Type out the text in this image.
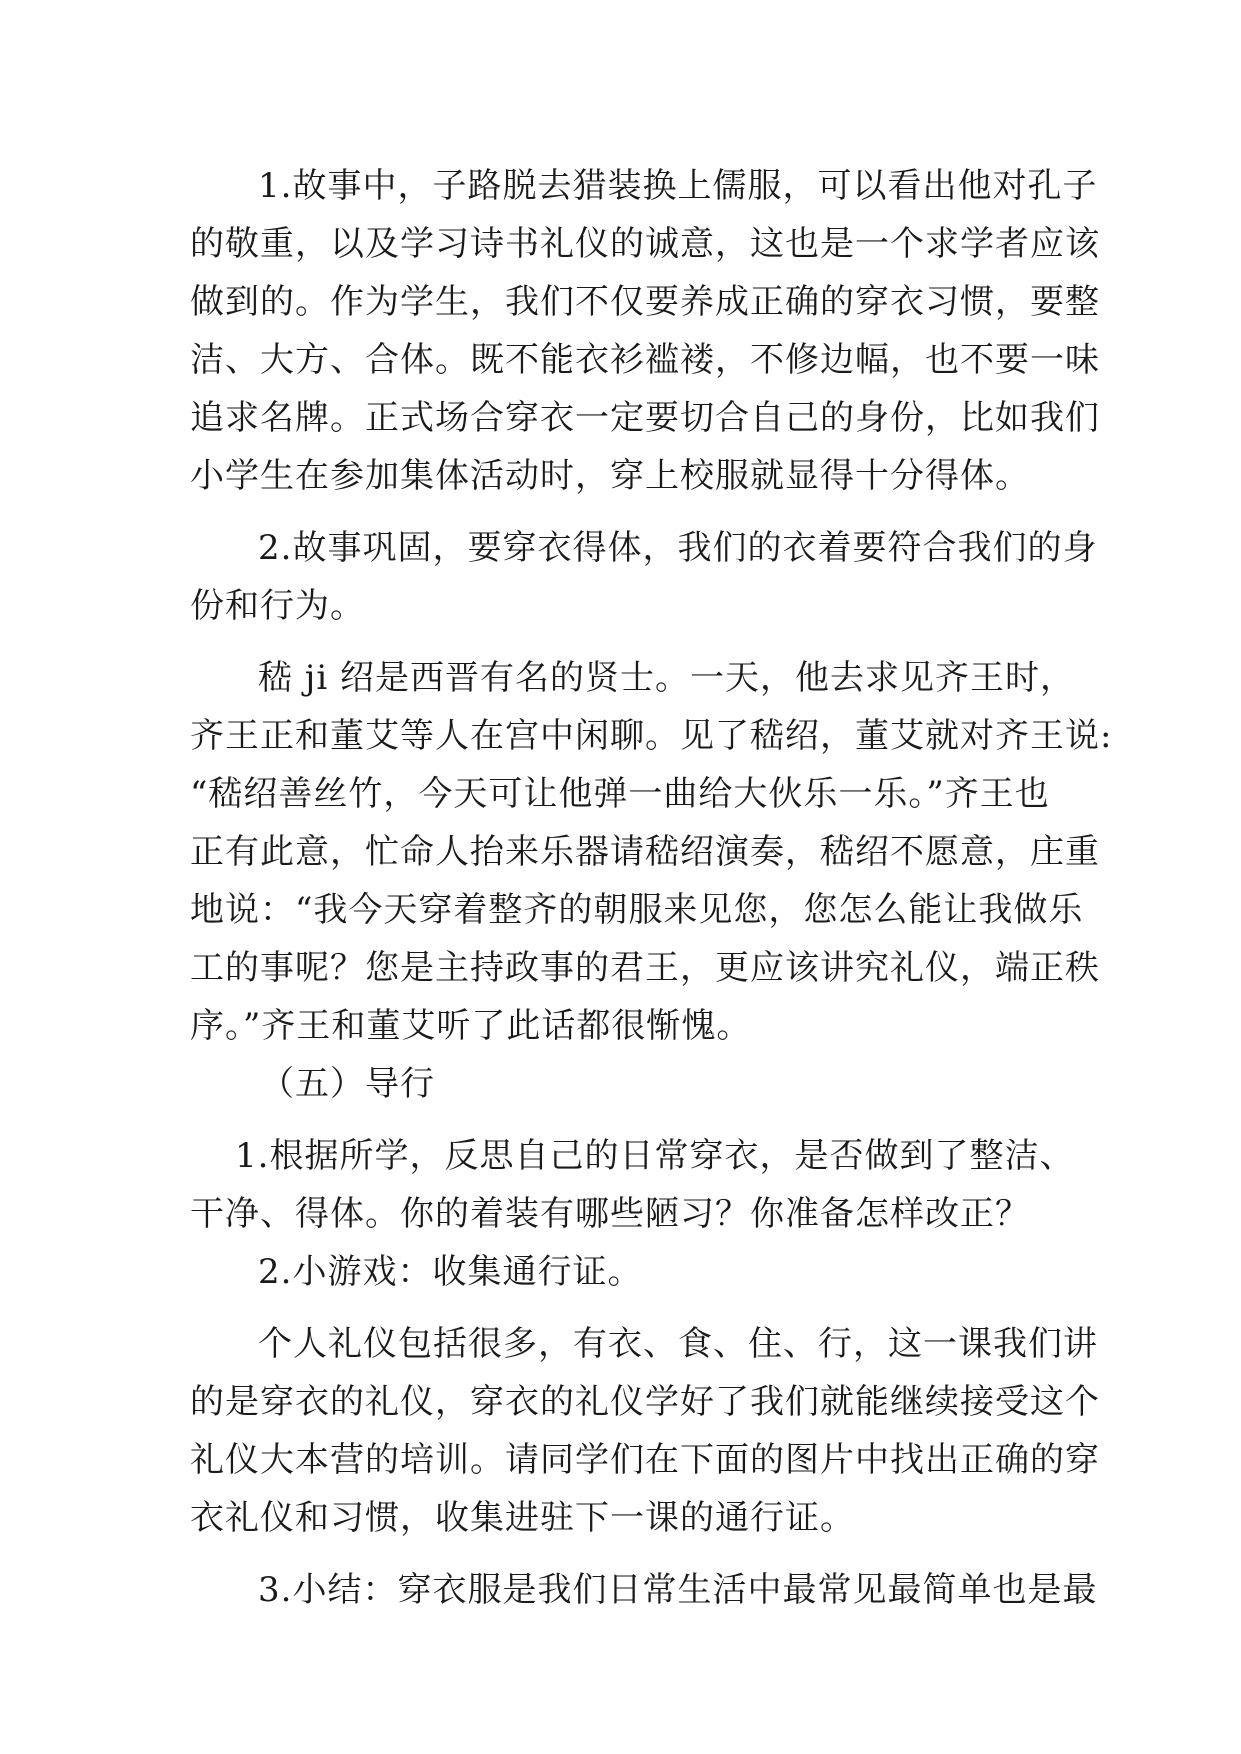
1.故事中，子路脱去猎装换上儒服，可以看出他对孔子
的敬重，以及学习诗书礼仪的诚意，这也是一个求学者应该
做到的。作为学生，我们不仅要养成正确的穿衣习惯，要整
洁、大方、合体。既不能衣衫褴褛，不修边幅，也不要一味
追求名牌。正式场合穿衣一定要切合自己的身份，比如我们
小学生在参加集体活动时，穿上校服就显得十分得体。
2.故事巩固，要穿衣得体，我们的衣着要符合我们的身
份和行为。
嵇 ji 绍是西晋有名的贤士。一天，他去求见齐王时，
齐王正和董艾等人在宫中闲聊。见了嵇绍，董艾就对齐王说:
“嵇绍善丝竹，今天可让他弹一曲给大伙乐一乐。”齐王也
正有此意，忙命人抬来乐器请嵇绍演奏，嵇绍不愿意，庄重
地说：“我今天穿着整齐的朝服来见您，您怎么能让我做乐
工的事呢？您是主持政事的君王，更应该讲究礼仪，端正秩
序。”齐王和董艾听了此话都很惭愧。
（五）导行
1.根据所学，反思自己的日常穿衣，是否做到了整洁、
干净、得体。你的着装有哪些陋习？你准备怎样改正？
2.小游戏：收集通行证。
个人礼仪包括很多，有衣、食、住、行，这一课我们讲
的是穿衣的礼仪，穿衣的礼仪学好了我们就能继续接受这个
礼仪大本营的培训。请同学们在下面的图片中找出正确的穿
衣礼仪和习惯，收集进驻下一课的通行证。
3.小结：穿衣服是我们日常生活中最常见最简单也是最
